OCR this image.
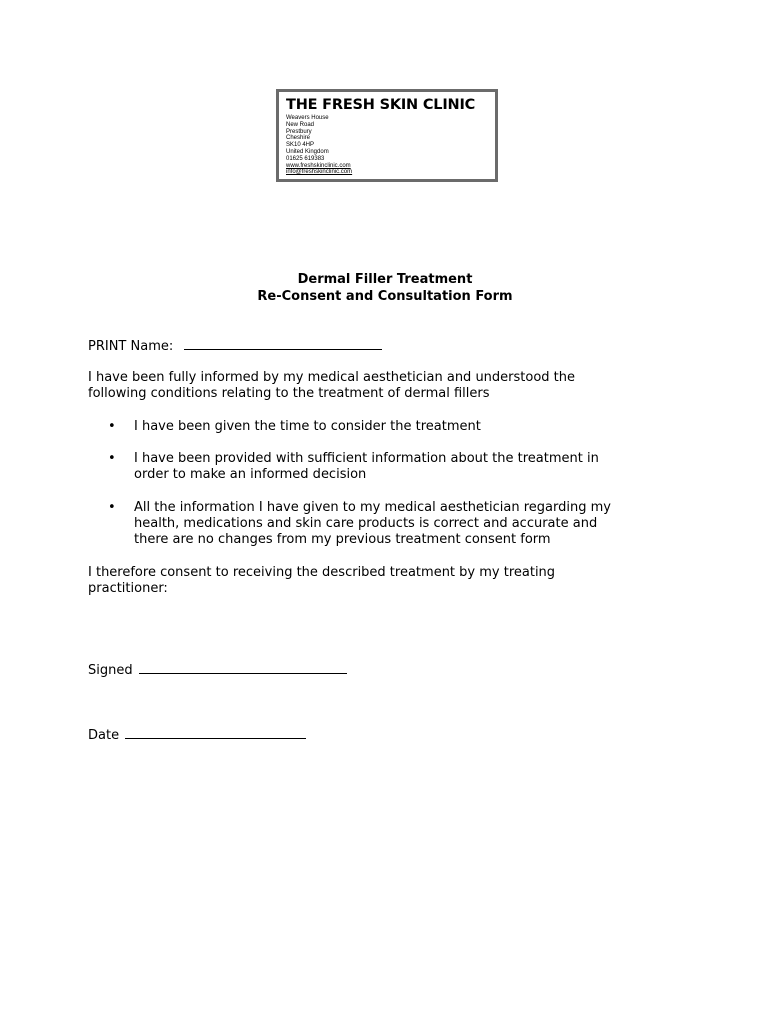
THE FRESH SKIN CLINIC
Weavers House
New Road
Prestbury
Cheshire
SK10 4HP
United Kingdom
01625 619383
www.freshskinclinic.com
info@freshskinclinic.com
Dermal Filler Treatment
Re-Consent and Consultation Form
PRINT Name:
I have been fully informed by my medical aesthetician and understood the
following conditions relating to the treatment of dermal fillers
• I have been given the time to consider the treatment
• I have been provided with sufficient information about the treatment in
order to make an informed decision
• All the information I have given to my medical aesthetician regarding my
health, medications and skin care products is correct and accurate and
there are no changes from my previous treatment consent form
I therefore consent to receiving the described treatment by my treating
practitioner:
Signed
Date
